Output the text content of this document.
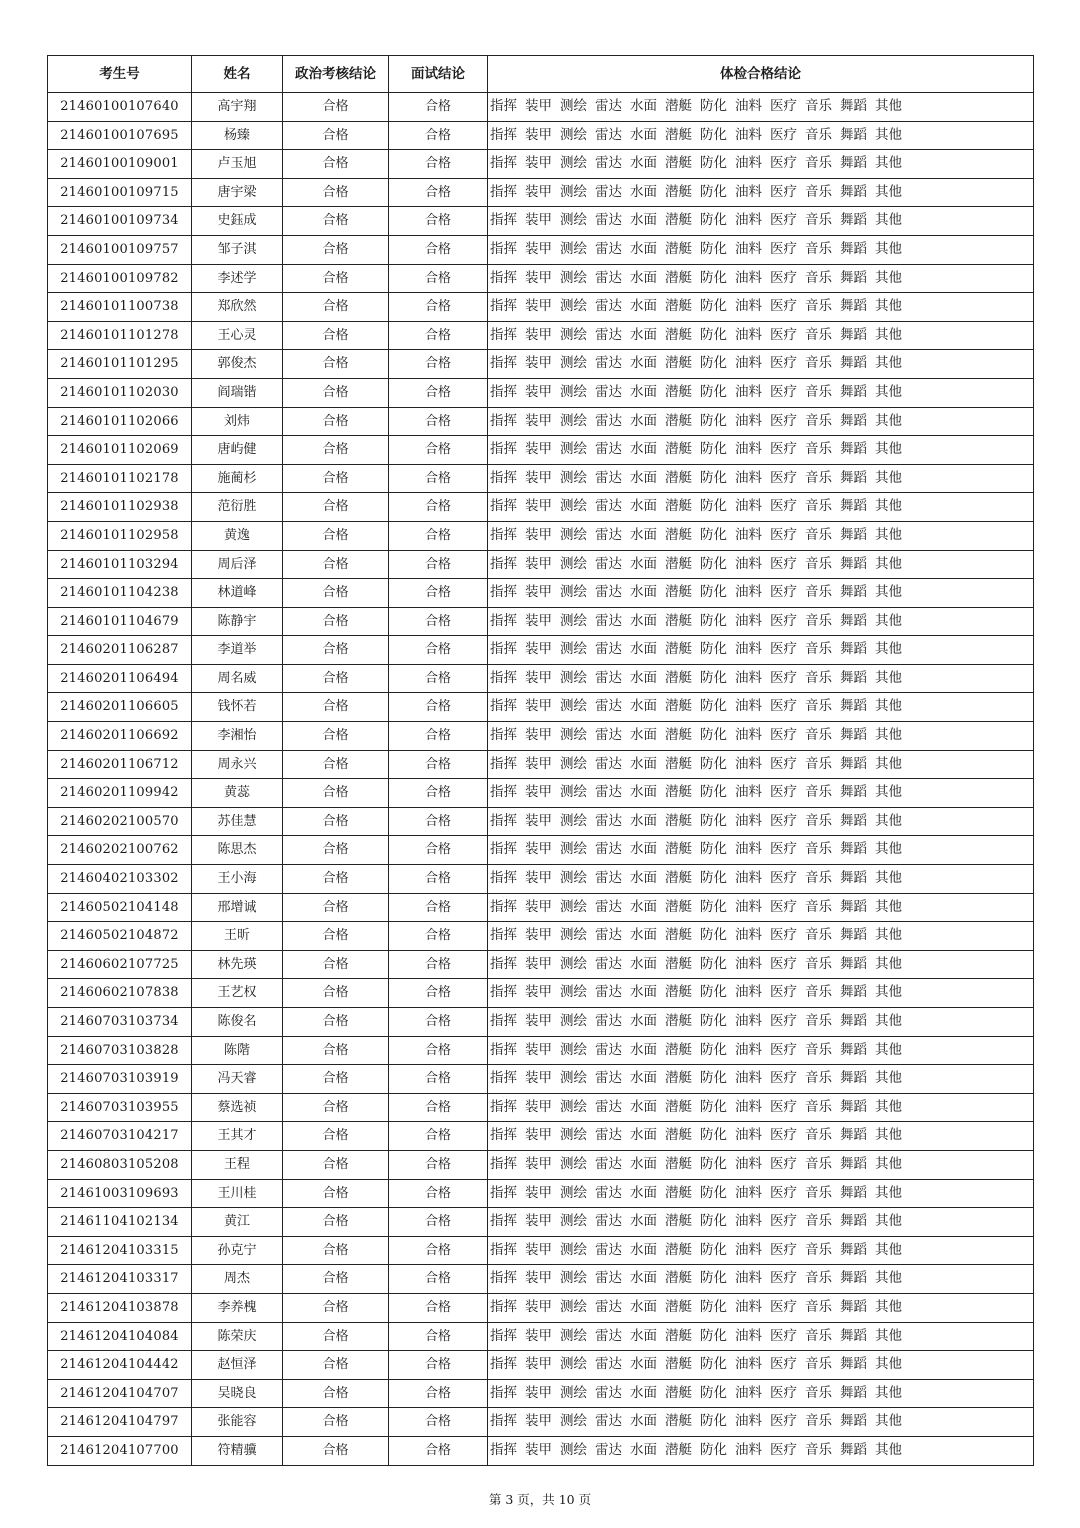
考生号	姓名	政治考核结论	面试结论	体检合格结论
21460100107640	高宇翔	合格	合格	指挥 装甲 测绘 雷达 水面 潜艇 防化 油料 医疗 音乐 舞蹈 其他
21460100107695	杨臻	合格	合格	指挥 装甲 测绘 雷达 水面 潜艇 防化 油料 医疗 音乐 舞蹈 其他
21460100109001	卢玉旭	合格	合格	指挥 装甲 测绘 雷达 水面 潜艇 防化 油料 医疗 音乐 舞蹈 其他
21460100109715	唐宇梁	合格	合格	指挥 装甲 测绘 雷达 水面 潜艇 防化 油料 医疗 音乐 舞蹈 其他
21460100109734	史鈺成	合格	合格	指挥 装甲 测绘 雷达 水面 潜艇 防化 油料 医疗 音乐 舞蹈 其他
21460100109757	邹子淇	合格	合格	指挥 装甲 测绘 雷达 水面 潜艇 防化 油料 医疗 音乐 舞蹈 其他
21460100109782	李述学	合格	合格	指挥 装甲 测绘 雷达 水面 潜艇 防化 油料 医疗 音乐 舞蹈 其他
21460101100738	郑欣然	合格	合格	指挥 装甲 测绘 雷达 水面 潜艇 防化 油料 医疗 音乐 舞蹈 其他
21460101101278	王心灵	合格	合格	指挥 装甲 测绘 雷达 水面 潜艇 防化 油料 医疗 音乐 舞蹈 其他
21460101101295	郭俊杰	合格	合格	指挥 装甲 测绘 雷达 水面 潜艇 防化 油料 医疗 音乐 舞蹈 其他
21460101102030	阎瑞锴	合格	合格	指挥 装甲 测绘 雷达 水面 潜艇 防化 油料 医疗 音乐 舞蹈 其他
21460101102066	刘炜	合格	合格	指挥 装甲 测绘 雷达 水面 潜艇 防化 油料 医疗 音乐 舞蹈 其他
21460101102069	唐屿健	合格	合格	指挥 装甲 测绘 雷达 水面 潜艇 防化 油料 医疗 音乐 舞蹈 其他
21460101102178	施蔺杉	合格	合格	指挥 装甲 测绘 雷达 水面 潜艇 防化 油料 医疗 音乐 舞蹈 其他
21460101102938	范衍胜	合格	合格	指挥 装甲 测绘 雷达 水面 潜艇 防化 油料 医疗 音乐 舞蹈 其他
21460101102958	黄逸	合格	合格	指挥 装甲 测绘 雷达 水面 潜艇 防化 油料 医疗 音乐 舞蹈 其他
21460101103294	周后泽	合格	合格	指挥 装甲 测绘 雷达 水面 潜艇 防化 油料 医疗 音乐 舞蹈 其他
21460101104238	林道峰	合格	合格	指挥 装甲 测绘 雷达 水面 潜艇 防化 油料 医疗 音乐 舞蹈 其他
21460101104679	陈静宇	合格	合格	指挥 装甲 测绘 雷达 水面 潜艇 防化 油料 医疗 音乐 舞蹈 其他
21460201106287	李道举	合格	合格	指挥 装甲 测绘 雷达 水面 潜艇 防化 油料 医疗 音乐 舞蹈 其他
21460201106494	周名威	合格	合格	指挥 装甲 测绘 雷达 水面 潜艇 防化 油料 医疗 音乐 舞蹈 其他
21460201106605	钱怀若	合格	合格	指挥 装甲 测绘 雷达 水面 潜艇 防化 油料 医疗 音乐 舞蹈 其他
21460201106692	李湘怡	合格	合格	指挥 装甲 测绘 雷达 水面 潜艇 防化 油料 医疗 音乐 舞蹈 其他
21460201106712	周永兴	合格	合格	指挥 装甲 测绘 雷达 水面 潜艇 防化 油料 医疗 音乐 舞蹈 其他
21460201109942	黄蕊	合格	合格	指挥 装甲 测绘 雷达 水面 潜艇 防化 油料 医疗 音乐 舞蹈 其他
21460202100570	苏佳慧	合格	合格	指挥 装甲 测绘 雷达 水面 潜艇 防化 油料 医疗 音乐 舞蹈 其他
21460202100762	陈思杰	合格	合格	指挥 装甲 测绘 雷达 水面 潜艇 防化 油料 医疗 音乐 舞蹈 其他
21460402103302	王小海	合格	合格	指挥 装甲 测绘 雷达 水面 潜艇 防化 油料 医疗 音乐 舞蹈 其他
21460502104148	邢增诚	合格	合格	指挥 装甲 测绘 雷达 水面 潜艇 防化 油料 医疗 音乐 舞蹈 其他
21460502104872	王昕	合格	合格	指挥 装甲 测绘 雷达 水面 潜艇 防化 油料 医疗 音乐 舞蹈 其他
21460602107725	林先瑛	合格	合格	指挥 装甲 测绘 雷达 水面 潜艇 防化 油料 医疗 音乐 舞蹈 其他
21460602107838	王艺权	合格	合格	指挥 装甲 测绘 雷达 水面 潜艇 防化 油料 医疗 音乐 舞蹈 其他
21460703103734	陈俊名	合格	合格	指挥 装甲 测绘 雷达 水面 潜艇 防化 油料 医疗 音乐 舞蹈 其他
21460703103828	陈階	合格	合格	指挥 装甲 测绘 雷达 水面 潜艇 防化 油料 医疗 音乐 舞蹈 其他
21460703103919	冯天睿	合格	合格	指挥 装甲 测绘 雷达 水面 潜艇 防化 油料 医疗 音乐 舞蹈 其他
21460703103955	蔡选祯	合格	合格	指挥 装甲 测绘 雷达 水面 潜艇 防化 油料 医疗 音乐 舞蹈 其他
21460703104217	王其才	合格	合格	指挥 装甲 测绘 雷达 水面 潜艇 防化 油料 医疗 音乐 舞蹈 其他
21460803105208	王程	合格	合格	指挥 装甲 测绘 雷达 水面 潜艇 防化 油料 医疗 音乐 舞蹈 其他
21461003109693	王川桂	合格	合格	指挥 装甲 测绘 雷达 水面 潜艇 防化 油料 医疗 音乐 舞蹈 其他
21461104102134	黄江	合格	合格	指挥 装甲 测绘 雷达 水面 潜艇 防化 油料 医疗 音乐 舞蹈 其他
21461204103315	孙克宁	合格	合格	指挥 装甲 测绘 雷达 水面 潜艇 防化 油料 医疗 音乐 舞蹈 其他
21461204103317	周杰	合格	合格	指挥 装甲 测绘 雷达 水面 潜艇 防化 油料 医疗 音乐 舞蹈 其他
21461204103878	李养槐	合格	合格	指挥 装甲 测绘 雷达 水面 潜艇 防化 油料 医疗 音乐 舞蹈 其他
21461204104084	陈荣庆	合格	合格	指挥 装甲 测绘 雷达 水面 潜艇 防化 油料 医疗 音乐 舞蹈 其他
21461204104442	赵恒泽	合格	合格	指挥 装甲 测绘 雷达 水面 潜艇 防化 油料 医疗 音乐 舞蹈 其他
21461204104707	吴晓良	合格	合格	指挥 装甲 测绘 雷达 水面 潜艇 防化 油料 医疗 音乐 舞蹈 其他
21461204104797	张能容	合格	合格	指挥 装甲 测绘 雷达 水面 潜艇 防化 油料 医疗 音乐 舞蹈 其他
21461204107700	符精骥	合格	合格	指挥 装甲 测绘 雷达 水面 潜艇 防化 油料 医疗 音乐 舞蹈 其他
第 3 页，共 10 页
